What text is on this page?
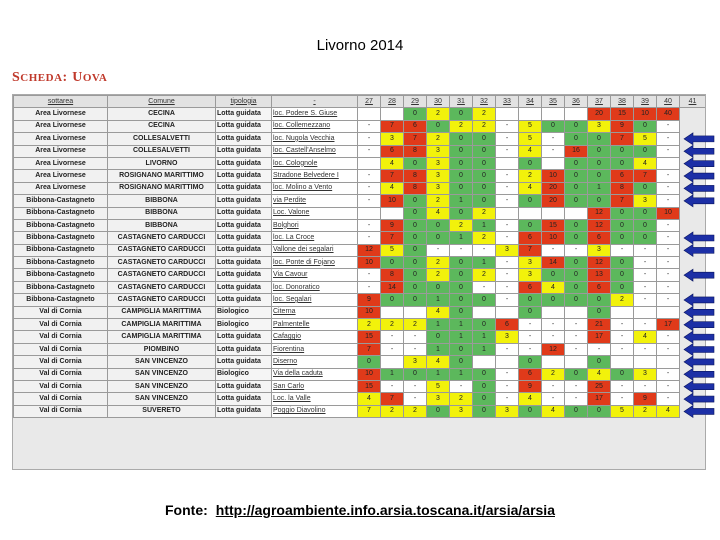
Livorno 2014
SCHEDA: UOVA
sottarea	Comune	tipologia	-	27	28	29	30	31	32	33	34	35	36	37	38	39	40	41
Area Livornese	CECINA	Lotta guidata	loc. Podere S. Giuse			0	2	0	2					20	15	10	40	
Area Livornese	CECINA	Lotta guidata	loc. Collemezzano	-	7	6	0	2	2	-	5	0	0	3	9	0	-	
Area Livornese	COLLESALVETTI	Lotta guidata	loc. Nugola Vecchia	-	3	7	2	0	0	-	5	-	0	0	7	5	-	
Area Livornese	COLLESALVETTI	Lotta guidata	loc. Castell'Anselmo	-	6	8	3	0	0	-	4	-	16	0	0	0	-	
Area Livornese	LIVORNO	Lotta guidata	loc. Colognole		4	0	3	0	0		0		0	0	0	4		
Area Livornese	ROSIGNANO MARITTIMO	Lotta guidata	Stradone Belvedere I	-	7	8	3	0	0	-	2	10	0	0	6	7	-	
Area Livornese	ROSIGNANO MARITTIMO	Lotta guidata	loc. Molino a Vento	-	4	8	3	0	0	-	4	20	0	1	8	0	-	
Bibbona-Castagneto	BIBBONA	Lotta guidata	via Perdite	-	10	0	2	1	0	-	0	20	0	0	7	3	-	
Bibbona-Castagneto	BIBBONA	Lotta guidata	Loc. Valone			0	4	0	2					12	0	0	10	
Bibbona-Castagneto	BIBBONA	Lotta guidata	Bolghori	-	9	0	0	2	1	-	0	15	0	12	0	0	-	
Bibbona-Castagneto	CASTAGNETO CARDUCCI	Lotta guidata	loc. La Croce	-	7	0	0	1	2	-	6	10	0	6	0	0	-	
Bibbona-Castagneto	CASTAGNETO CARDUCCI	Lotta guidata	Vallone dei segalari	12	5	0	-	-	-	3	7	-	-	3	-	-	-	
Bibbona-Castagneto	CASTAGNETO CARDUCCI	Lotta guidata	loc. Ponte di Fojano	10	0	0	2	0	1	-	3	14	0	12	0	-	-	
Bibbona-Castagneto	CASTAGNETO CARDUCCI	Lotta guidata	Via Cavour	-	8	0	2	0	2	-	3	0	0	13	0	-	-	
Bibbona-Castagneto	CASTAGNETO CARDUCCI	Lotta guidata	loc. Donoratico	-	14	0	0	0	-	-	6	4	0	6	0	-	-	
Bibbona-Castagneto	CASTAGNETO CARDUCCI	Lotta guidata	loc. Segalari	9	0	0	1	0	0	-	0	0	0	0	2	-	-	
Val di Cornia	CAMPIGLIA MARITTIMA	Biologico	Citerna	10			4	0			0			0				
Val di Cornia	CAMPIGLIA MARITTIMA	Biologico	Palmentelle	2	2	2	1	1	0	6	-	-	-	21	-	-	17	
Val di Cornia	CAMPIGLIA MARITTIMA	Lotta guidata	Cafaggio	15	-	-	0	1	1	3	-	-	-	17	-	4	-	
Val di Cornia	PIOMBINO	Lotta guidata	Fiorentina	7	-	-	1	0	1	-	-	12	-	-	-	-	-	
Val di Cornia	SAN VINCENZO	Lotta guidata	Diserno	0		3	4	0			0			0				
Val di Cornia	SAN VINCENZO	Biologico	Via della caduta	10	1	0	1	1	0	-	6	2	0	4	0	3	-	
Val di Cornia	SAN VINCENZO	Lotta guidata	San Carlo	15	-	-	5	-	0	-	9	-	-	25	-	-	-	
Val di Cornia	SAN VINCENZO	Lotta guidata	Loc. la Valle	4	7	-	3	2	0	-	4	-	-	17	-	9	-	
Val di Cornia	SUVERETO	Lotta guidata	Poggio Diavolino	7	2	2	0	3	0	3	0	4	0	0	5	2	4	
Fonte: http://agroambiente.info.arsia.toscana.it/arsia/arsia
